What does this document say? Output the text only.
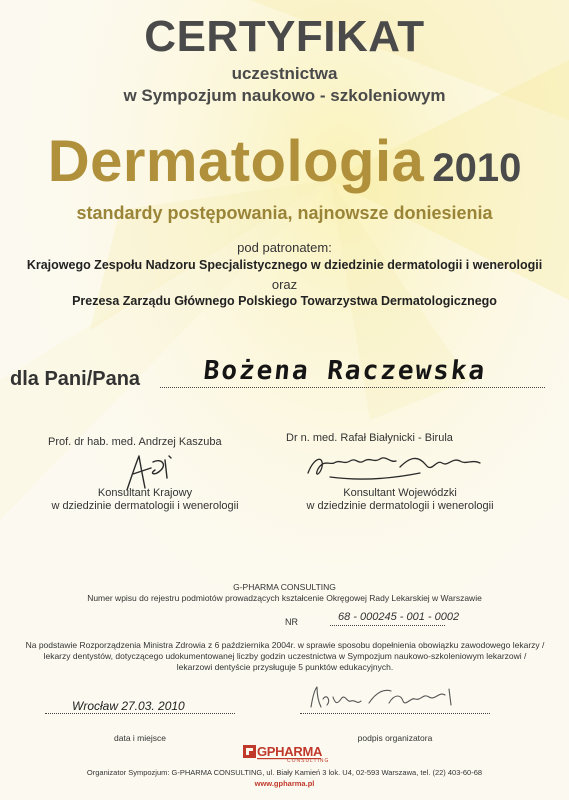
CERTYFIKAT
uczestnictwa
w Sympozjum naukowo - szkoleniowym
Dermatologia 2010
standardy postępowania, najnowsze doniesienia
pod patronatem:
Krajowego Zespołu Nadzoru Specjalistycznego w dziedzinie dermatologii i wenerologii
oraz
Prezesa Zarządu Głównego Polskiego Towarzystwa Dermatologicznego
dla Pani/Pana	Bożena Raczewska
Prof. dr hab. med. Andrzej Kaszuba	Dr n. med. Rafał Białynicki - Birula
Konsultant Krajowy
w dziedzinie dermatologii i wenerologii
Konsultant Wojewódzki
w dziedzinie dermatologii i wenerologii
G-PHARMA CONSULTING
Numer wpisu do rejestru podmiotów prowadzących kształcenie Okręgowej Rady Lekarskiej w Warszawie
NR	68 - 000245 - 001 - 0002
Na podstawie Rozporządzenia Ministra Zdrowia z 6 października 2004r. w sprawie sposobu dopełnienia obowiązku zawodowego lekarzy / lekarzy dentystów, dotyczącego udokumentowanej liczby godzin uczestnictwa w Sympozjum naukowo-szkoleniowym lekarzowi / lekarzowi dentyście przysługuje 5 punktów edukacyjnych.
Wrocław 27.03. 2010
data i miejsce	podpis organizatora
GPHARMA
CONSULTING
Organizator Sympozjum: G-PHARMA CONSULTING, ul. Biały Kamień 3 lok. U4, 02-593 Warszawa, tel. (22) 403-60-68
www.gpharma.pl
